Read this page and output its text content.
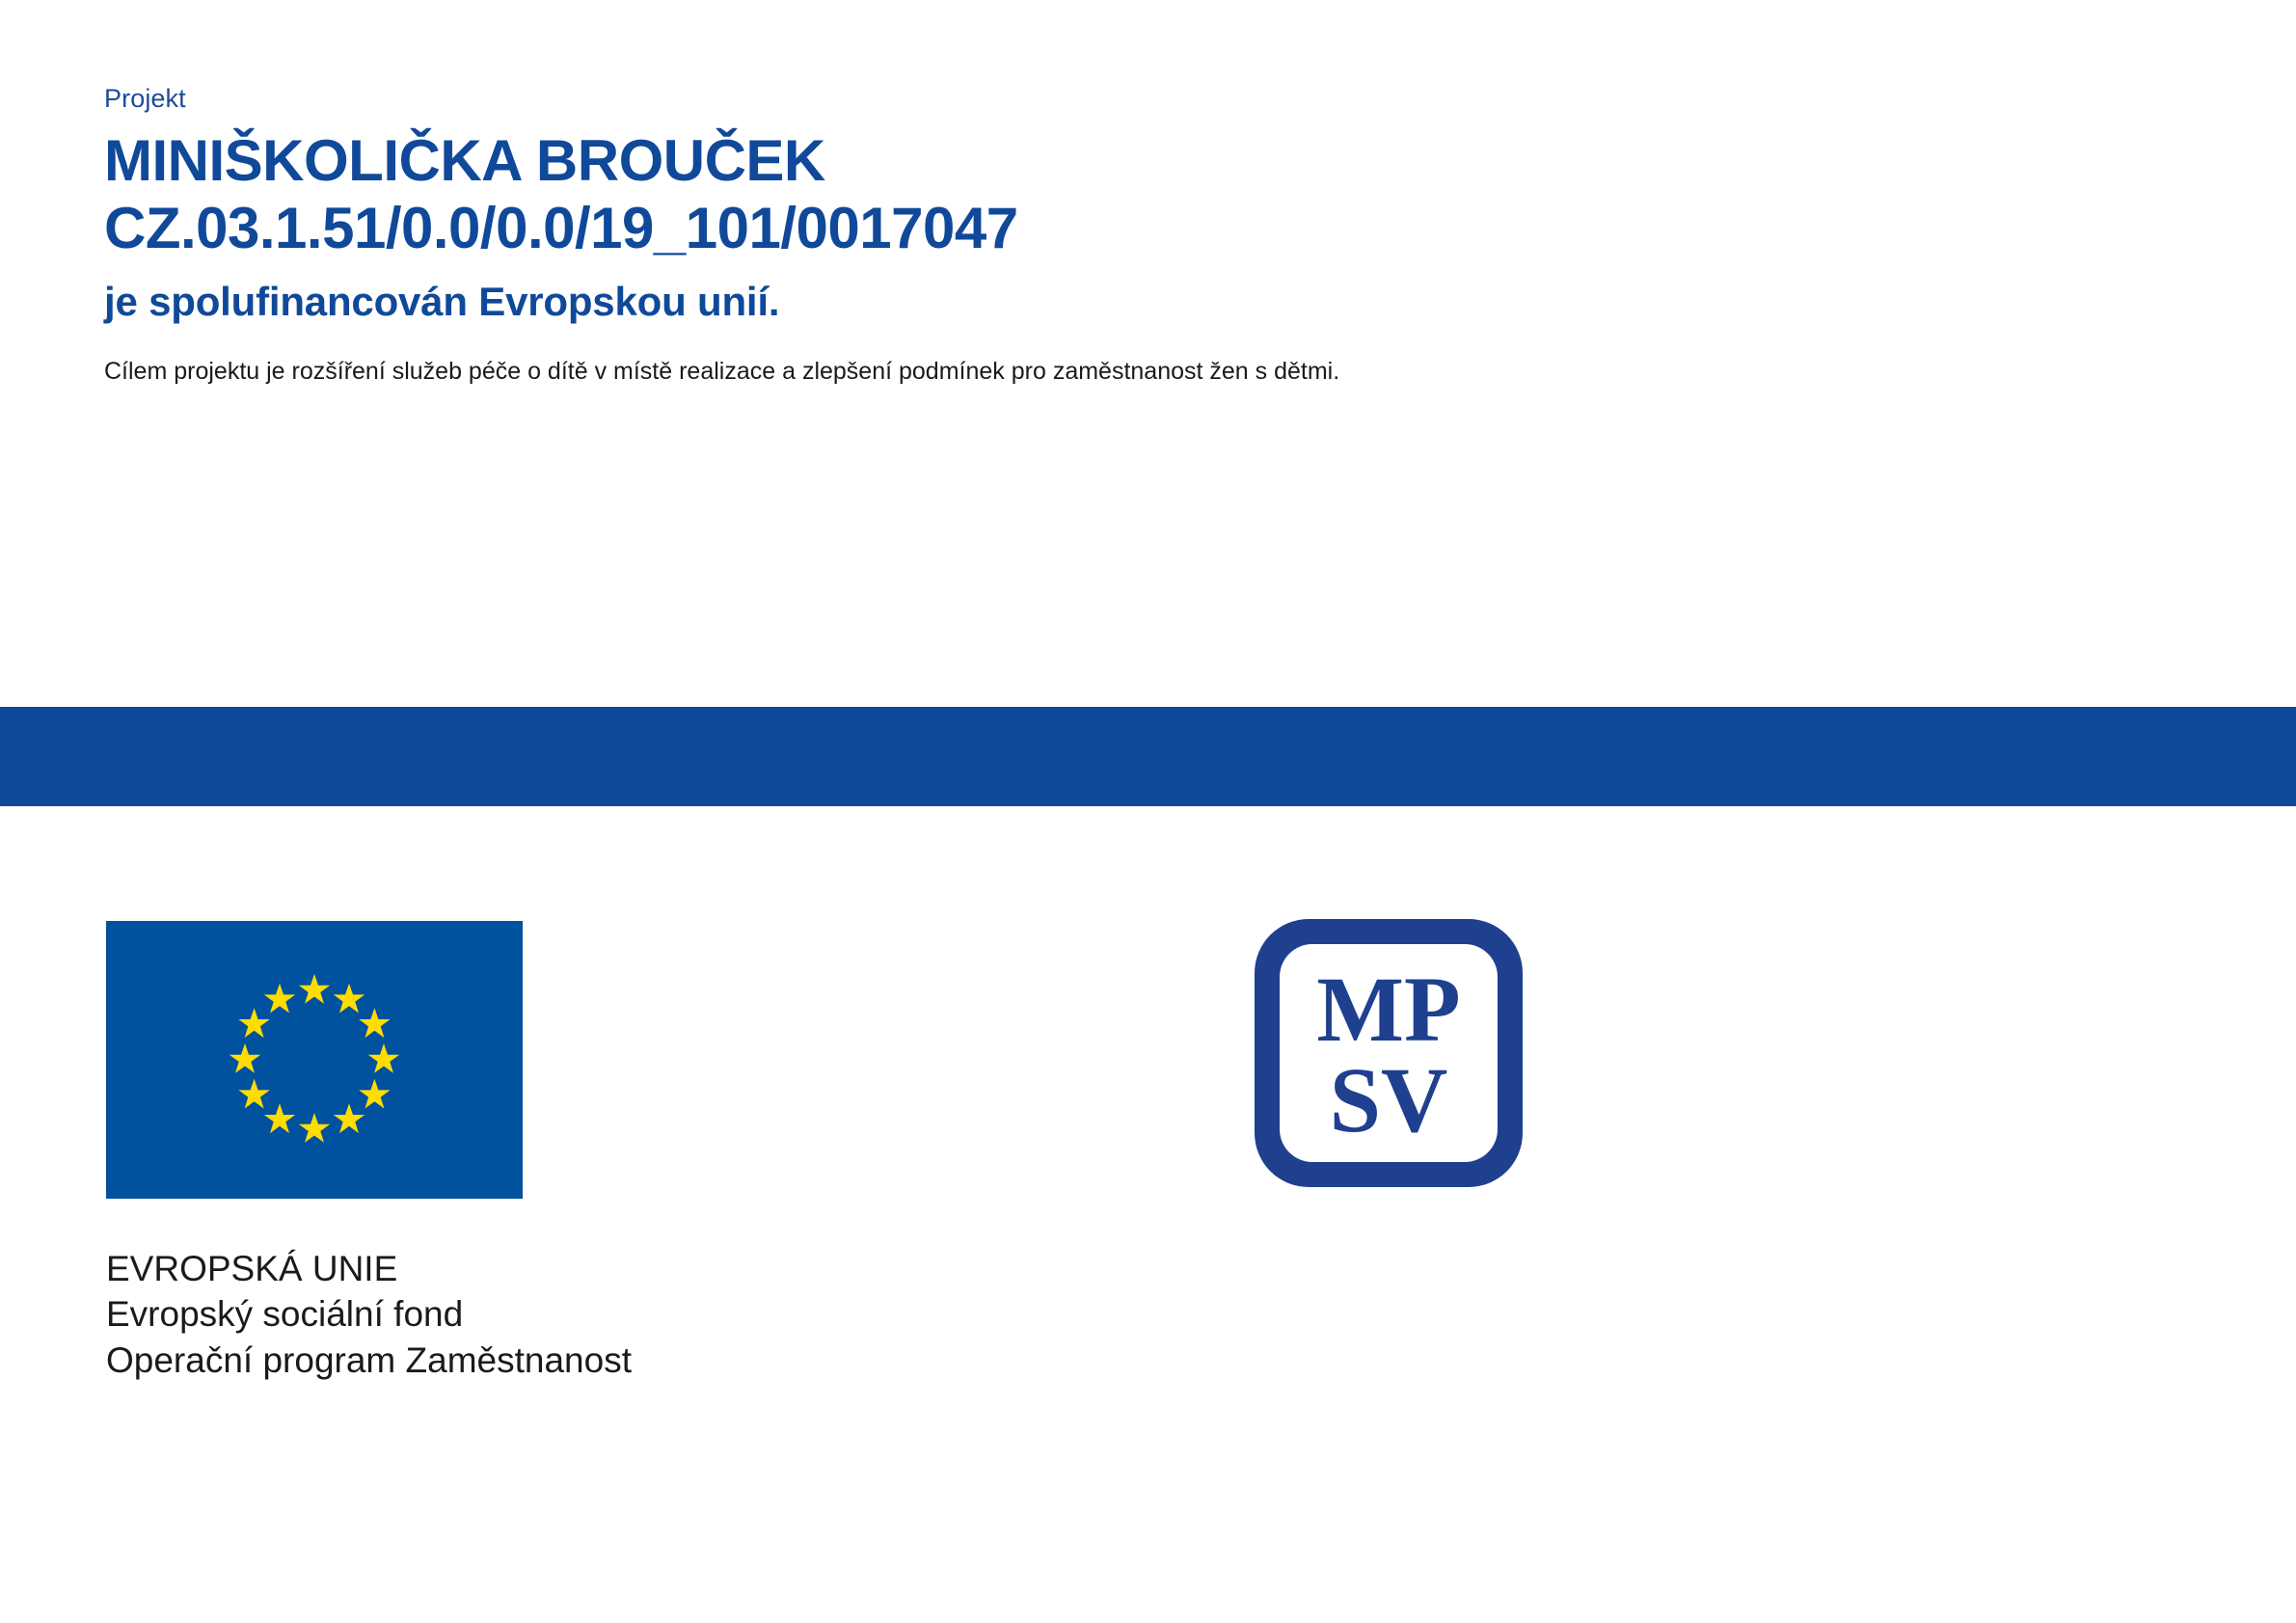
Projekt
MINIŠKOLIČKA BROUČEK
CZ.03.1.51/0.0/0.0/19_101/0017047
je spolufinancován Evropskou unií.
Cílem projektu je rozšíření služeb péče o dítě v místě realizace a zlepšení podmínek pro zaměstnanost žen s dětmi.
MP
SV
EVROPSKÁ UNIE
Evropský sociální fond
Operační program Zaměstnanost
